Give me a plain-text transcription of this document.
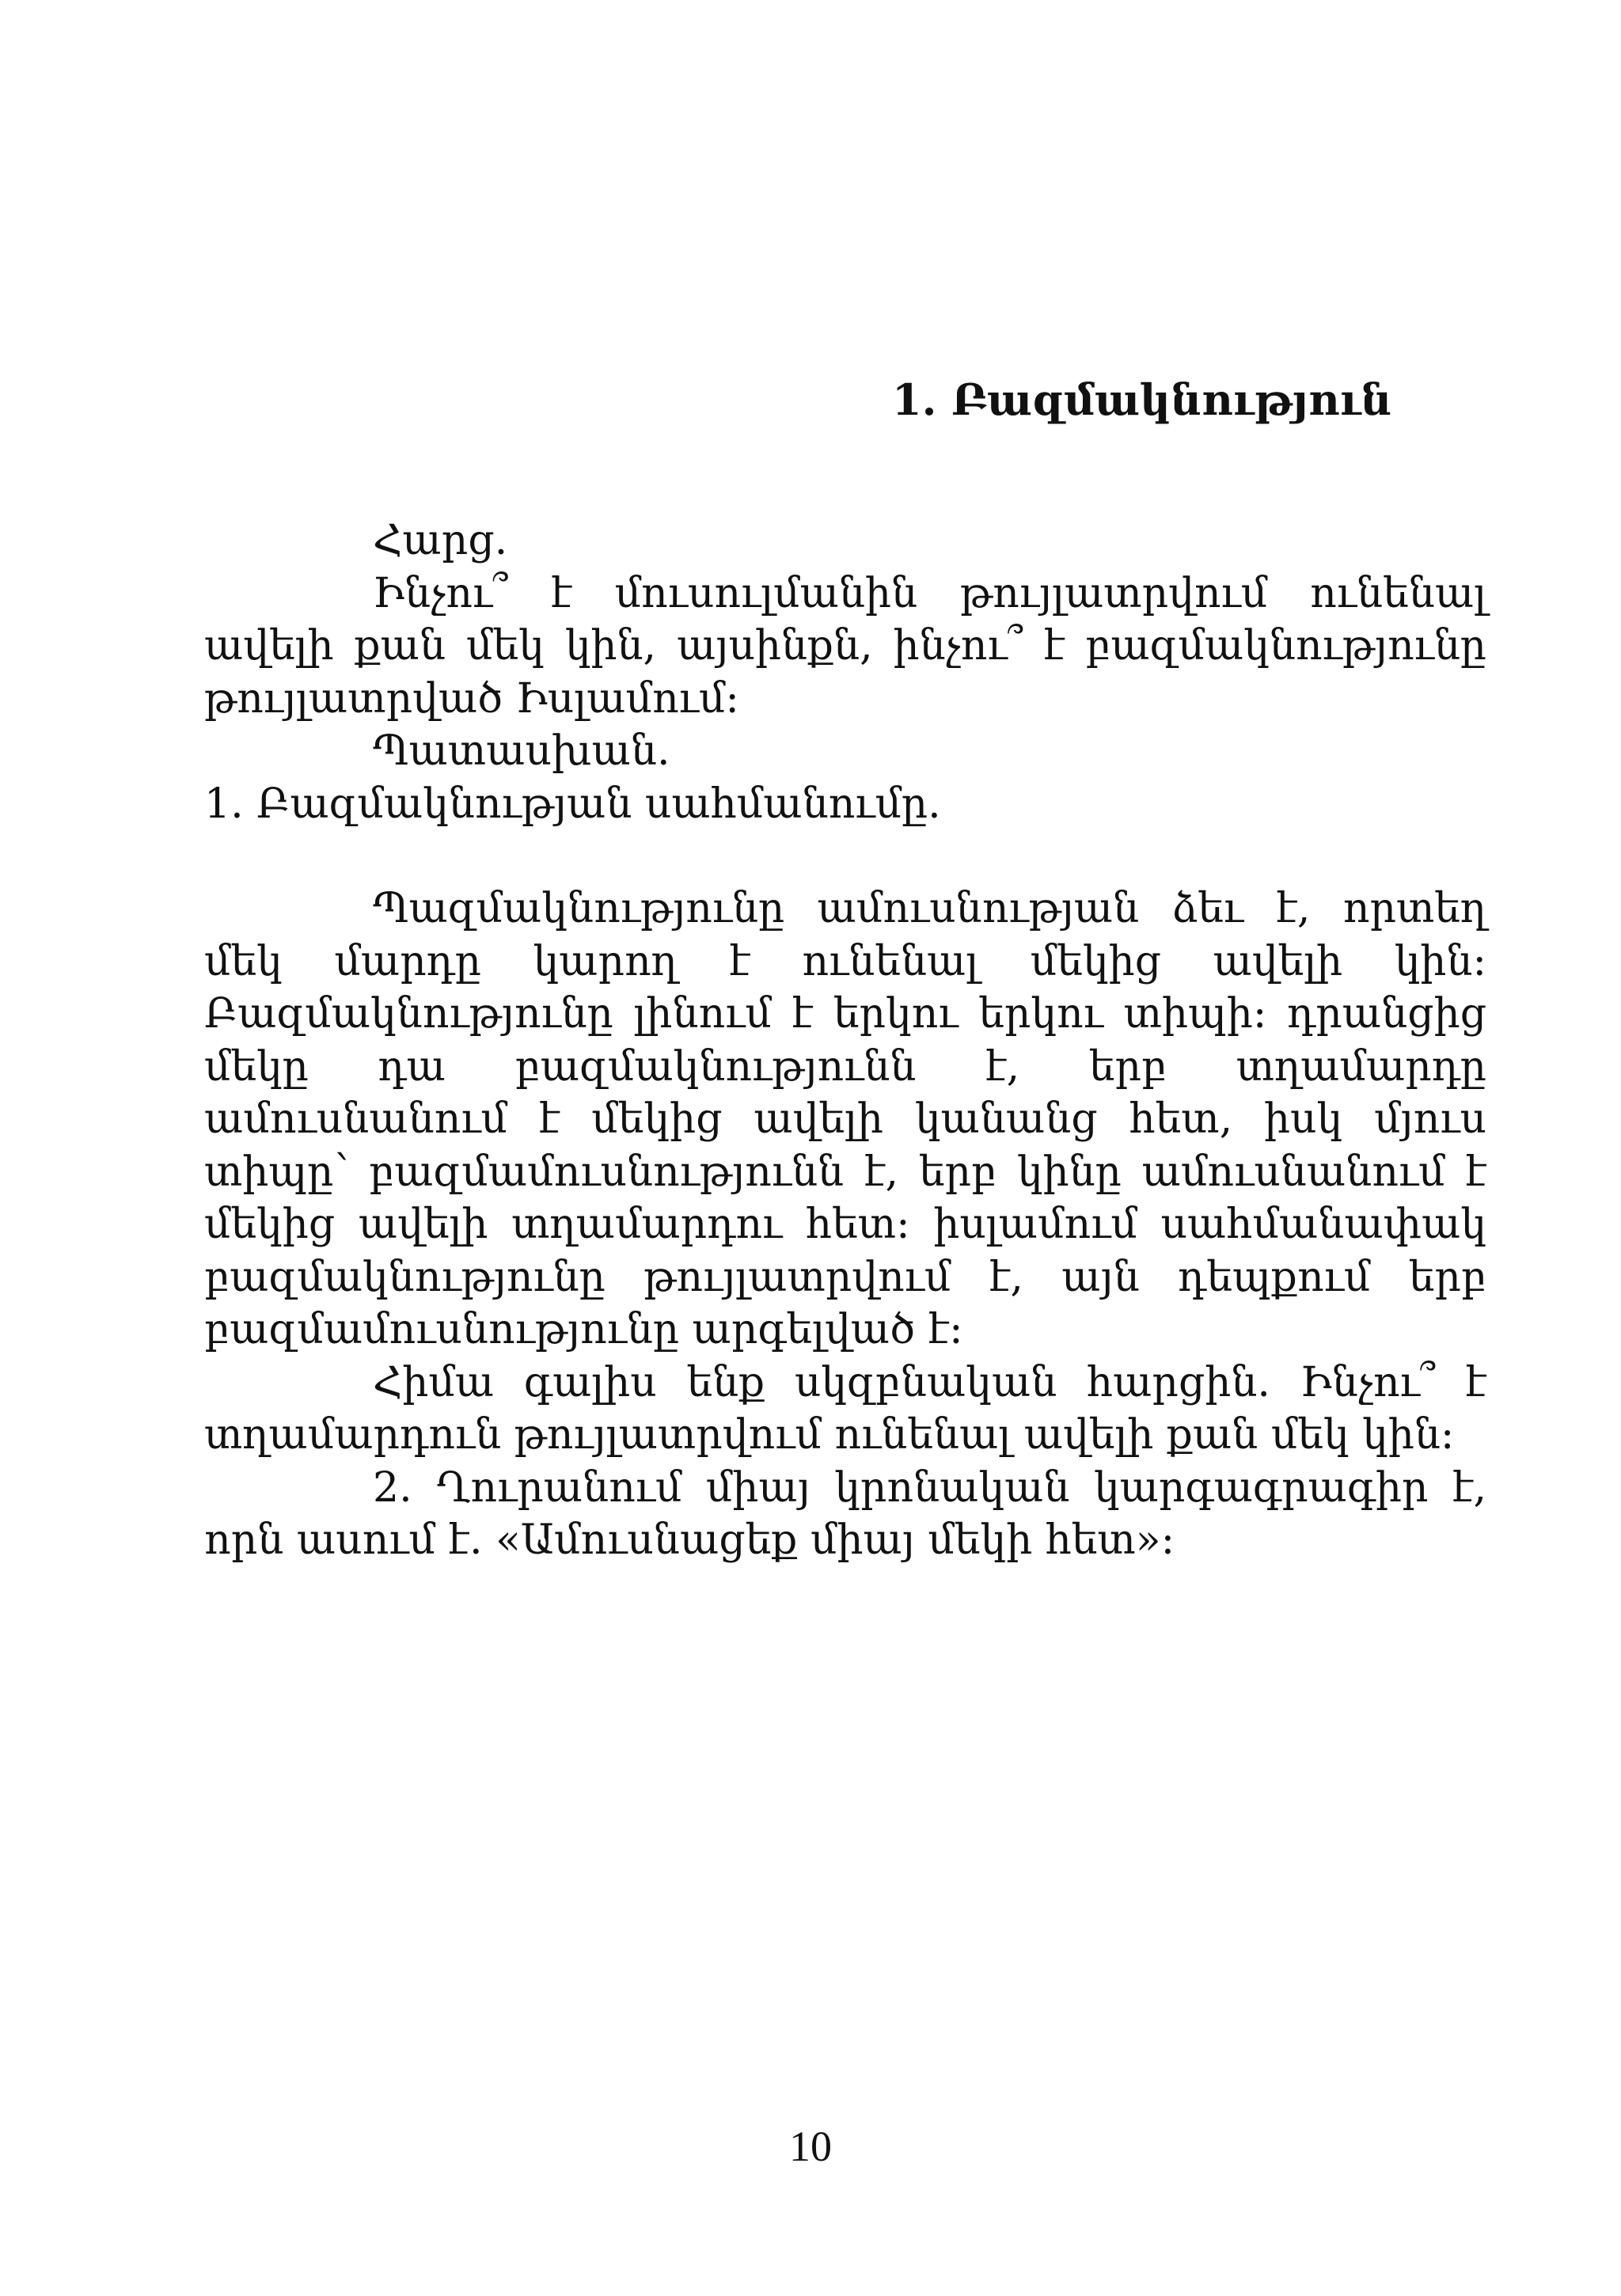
1. Բազմակնություն

Հարց.

Ինչու՞ է մուսուլմանին թույլատրվում ունենալ ավելի քան մեկ կին, այսինքն, ինչու՞ է բազմակնությունը թույլատրված Իսլամում:

Պատասխան.

1. Բազմակնության սահմանումը.

Պազմակնությունը ամուսնության ձեւ է, որտեղ մեկ մարդը կարող է ունենալ մեկից ավելի կին: Բազմակնությունը լինում է երկու երկու տիպի: դրանցից մեկը դա բազմակնությունն է, երբ տղամարդը ամուսնանում է մեկից ավելի կանանց հետ, իսկ մյուս տիպը՝ բազմամուսնությունն է, երբ կինը ամուսնանում է մեկից ավելի տղամարդու հետ: իսլամում սահմանափակ բազմակնությունը թույլատրվում է, այն դեպքում երբ բազմամուսնությունը արգելված է:

Հիմա գալիս ենք սկզբնական հարցին. Ինչու՞ է տղամարդուն թույլատրվում ունենալ ավելի քան մեկ կին:

2. Ղուրանում միայ կրոնական կարգագրագիր է, որն ասում է. «Ամուսնացեք միայ մեկի հետ»:

10
